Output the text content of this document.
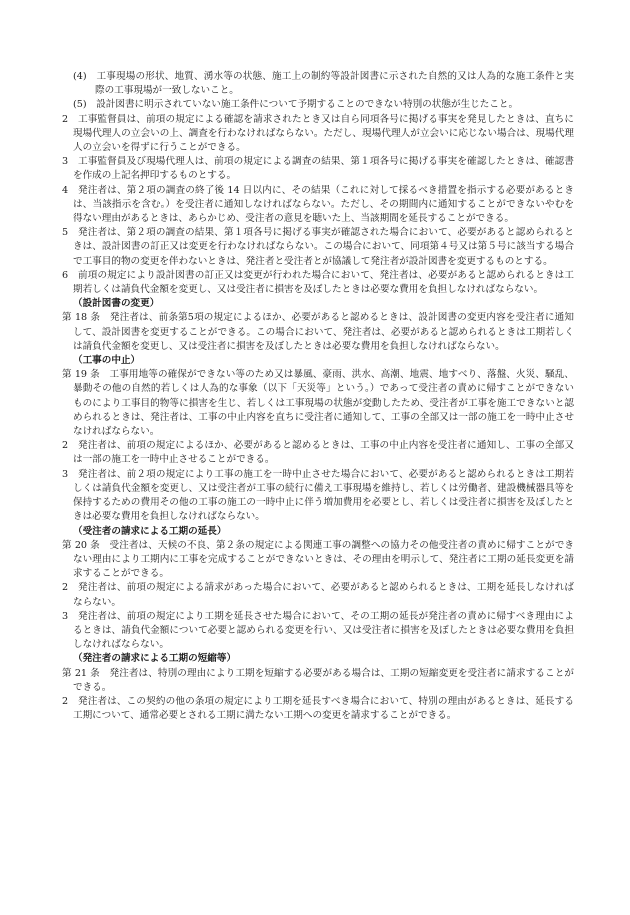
(4)　工事現場の形状、地質、湧水等の状態、施工上の制約等設計図書に示された自然的又は人為的な施工条件と実際の工事現場が一致しないこと。

(5)　設計図書に明示されていない施工条件について予期することのできない特別の状態が生じたこと。

2　工事監督員は、前項の規定による確認を請求されたとき又は自ら同項各号に掲げる事実を発見したときは、直ちに現場代理人の立会いの上、調査を行わなければならない。ただし、現場代理人が立会いに応じない場合は、現場代理人の立会いを得ずに行うことができる。

3　工事監督員及び現場代理人は、前項の規定による調査の結果、第１項各号に掲げる事実を確認したときは、確認書を作成の上記名押印するものとする。

4　発注者は、第２項の調査の終了後 14 日以内に、その結果（これに対して採るべき措置を指示する必要があるときは、当該指示を含む。）を受注者に通知しなければならない。ただし、その期間内に通知することができないやむを得ない理由があるときは、あらかじめ、受注者の意見を聴いた上、当該期間を延長することができる。

5　発注者は、第２項の調査の結果、第１項各号に掲げる事実が確認された場合において、必要があると認められるときは、設計図書の訂正又は変更を行わなければならない。この場合において、同項第４号又は第５号に該当する場合で工事目的物の変更を伴わないときは、発注者と受注者とが協議して発注者が設計図書を変更するものとする。

6　前項の規定により設計図書の訂正又は変更が行われた場合において、発注者は、必要があると認められるときは工期若しくは請負代金額を変更し、又は受注者に損害を及ぼしたときは必要な費用を負担しなければならない。

（設計図書の変更）

第 18 条　発注者は、前条第5項の規定によるほか、必要があると認めるときは、設計図書の変更内容を受注者に通知して、設計図書を変更することができる。この場合において、発注者は、必要があると認められるときは工期若しくは請負代金額を変更し、又は受注者に損害を及ぼしたときは必要な費用を負担しなければならない。

（工事の中止）

第 19 条　工事用地等の確保ができない等のため又は暴風、豪雨、洪水、高潮、地震、地すべり、落盤、火災、騒乱、暴動その他の自然的若しくは人為的な事象（以下「天災等」という。）であって受注者の責めに帰すことができないものにより工事目的物等に損害を生じ、若しくは工事現場の状態が変動したため、受注者が工事を施工できないと認められるときは、発注者は、工事の中止内容を直ちに受注者に通知して、工事の全部又は一部の施工を一時中止させなければならない。

2　発注者は、前項の規定によるほか、必要があると認めるときは、工事の中止内容を受注者に通知し、工事の全部又は一部の施工を一時中止させることができる。

3　発注者は、前２項の規定により工事の施工を一時中止させた場合において、必要があると認められるときは工期若しくは請負代金額を変更し、又は受注者が工事の続行に備え工事現場を維持し、若しくは労働者、建設機械器具等を保持するための費用その他の工事の施工の一時中止に伴う増加費用を必要とし、若しくは受注者に損害を及ぼしたときは必要な費用を負担しなければならない。

（受注者の請求による工期の延長）

第 20 条　受注者は、天候の不良、第２条の規定による関連工事の調整への協力その他受注者の責めに帰すことができない理由により工期内に工事を完成することができないときは、その理由を明示して、発注者に工期の延長変更を請求することができる。

2　発注者は、前項の規定による請求があった場合において、必要があると認められるときは、工期を延長しなければならない。

3　発注者は、前項の規定により工期を延長させた場合において、その工期の延長が発注者の責めに帰すべき理由によるときは、請負代金額について必要と認められる変更を行い、又は受注者に損害を及ぼしたときは必要な費用を負担しなければならない。

（発注者の請求による工期の短縮等）

第 21 条　発注者は、特別の理由により工期を短縮する必要がある場合は、工期の短縮変更を受注者に請求することができる。

2　発注者は、この契約の他の条項の規定により工期を延長すべき場合において、特別の理由があるときは、延長する工期について、通常必要とされる工期に満たない工期への変更を請求することができる。
